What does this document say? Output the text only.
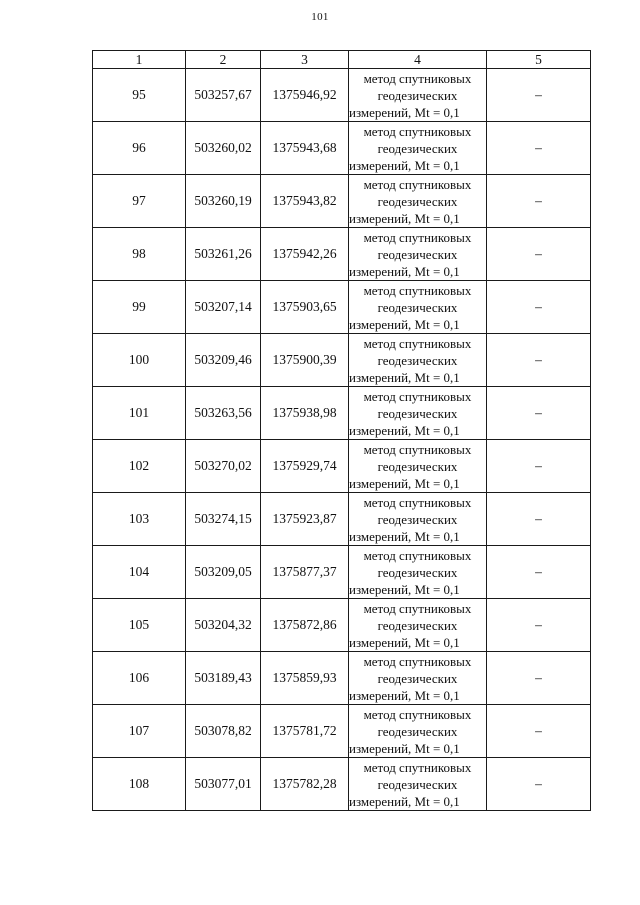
101
1	2	3	4	5
95	503257,67	1375946,92	метод спутниковых
геодезических
измерений, Mt = 0,1	–
96	503260,02	1375943,68	метод спутниковых
геодезических
измерений, Mt = 0,1	–
97	503260,19	1375943,82	метод спутниковых
геодезических
измерений, Mt = 0,1	–
98	503261,26	1375942,26	метод спутниковых
геодезических
измерений, Mt = 0,1	–
99	503207,14	1375903,65	метод спутниковых
геодезических
измерений, Mt = 0,1	–
100	503209,46	1375900,39	метод спутниковых
геодезических
измерений, Mt = 0,1	–
101	503263,56	1375938,98	метод спутниковых
геодезических
измерений, Mt = 0,1	–
102	503270,02	1375929,74	метод спутниковых
геодезических
измерений, Mt = 0,1	–
103	503274,15	1375923,87	метод спутниковых
геодезических
измерений, Mt = 0,1	–
104	503209,05	1375877,37	метод спутниковых
геодезических
измерений, Mt = 0,1	–
105	503204,32	1375872,86	метод спутниковых
геодезических
измерений, Mt = 0,1	–
106	503189,43	1375859,93	метод спутниковых
геодезических
измерений, Mt = 0,1	–
107	503078,82	1375781,72	метод спутниковых
геодезических
измерений, Mt = 0,1	–
108	503077,01	1375782,28	метод спутниковых
геодезических
измерений, Mt = 0,1	–
